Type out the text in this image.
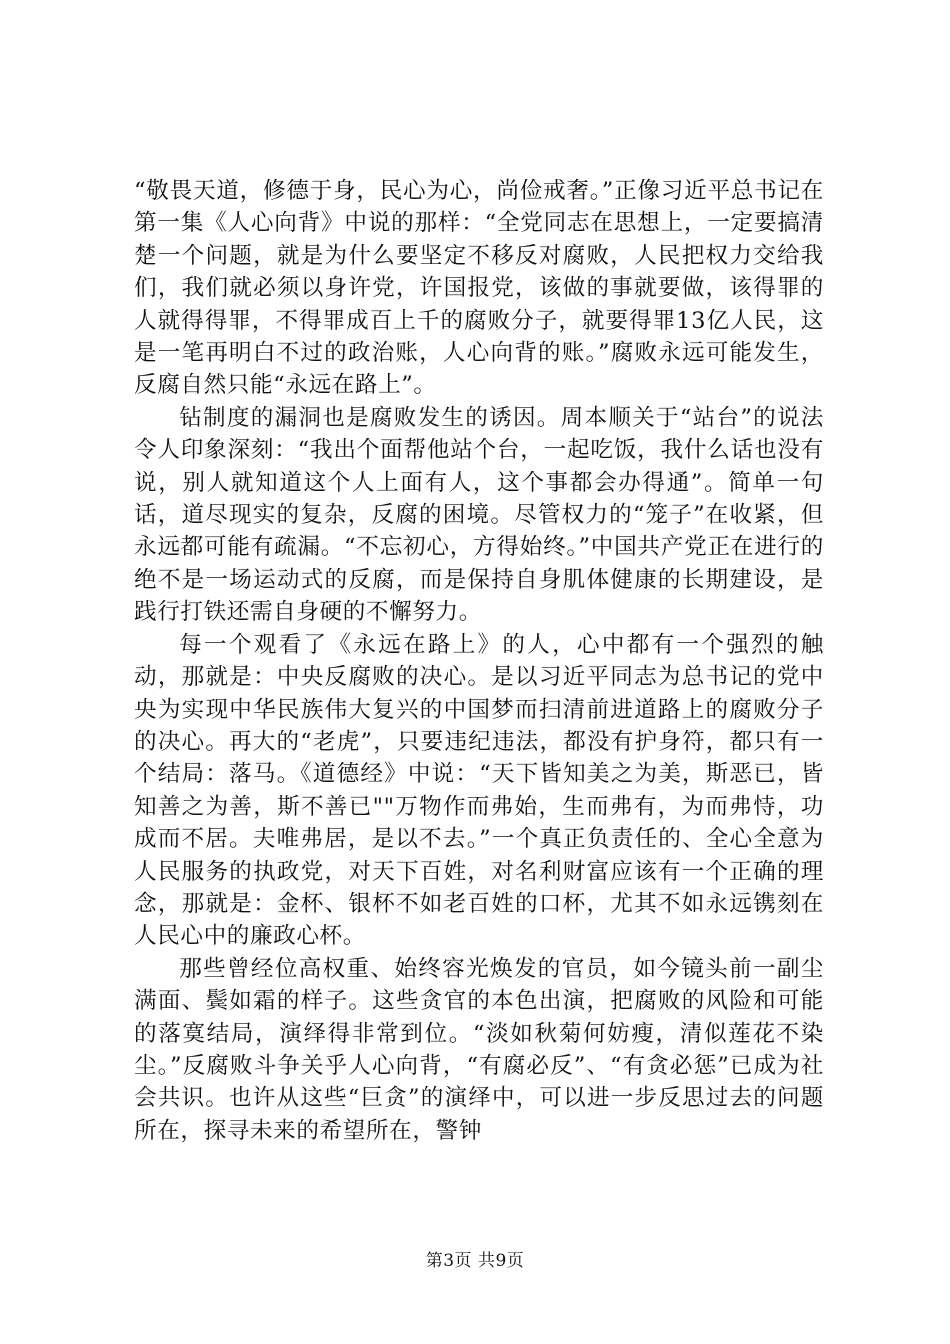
“敬畏天道，修德于身，民心为心，尚俭戒奢。”正像习近平总书记在第一集《人心向背》中说的那样：“全党同志在思想上，一定要搞清楚一个问题，就是为什么要坚定不移反对腐败，人民把权力交给我们，我们就必须以身许党，许国报党，该做的事就要做，该得罪的人就得得罪，不得罪成百上千的腐败分子，就要得罪13亿人民，这是一笔再明白不过的政治账，人心向背的账。”腐败永远可能发生，反腐自然只能“永远在路上”。

钻制度的漏洞也是腐败发生的诱因。周本顺关于“站台”的说法令人印象深刻：“我出个面帮他站个台，一起吃饭，我什么话也没有说，别人就知道这个人上面有人，这个事都会办得通”。简单一句话，道尽现实的复杂，反腐的困境。尽管权力的“笼子”在收紧，但永远都可能有疏漏。“不忘初心，方得始终。”中国共产党正在进行的绝不是一场运动式的反腐，而是保持自身肌体健康的长期建设，是践行打铁还需自身硬的不懈努力。

每一个观看了《永远在路上》的人，心中都有一个强烈的触动，那就是：中央反腐败的决心。是以习近平同志为总书记的党中央为实现中华民族伟大复兴的中国梦而扫清前进道路上的腐败分子的决心。再大的“老虎”，只要违纪违法，都没有护身符，都只有一个结局：落马。《道德经》中说：“天下皆知美之为美，斯恶已，皆知善之为善，斯不善已""万物作而弗始，生而弗有，为而弗恃，功成而不居。夫唯弗居，是以不去。”一个真正负责任的、全心全意为人民服务的执政党，对天下百姓，对名利财富应该有一个正确的理念，那就是：金杯、银杯不如老百姓的口杯，尤其不如永远镌刻在人民心中的廉政心杯。

那些曾经位高权重、始终容光焕发的官员，如今镜头前一副尘满面、鬓如霜的样子。这些贪官的本色出演，把腐败的风险和可能的落寞结局，演绎得非常到位。“淡如秋菊何妨瘦，清似莲花不染尘。”反腐败斗争关乎人心向背，“有腐必反”、“有贪必惩”已成为社会共识。也许从这些“巨贪”的演绎中，可以进一步反思过去的问题所在，探寻未来的希望所在，警钟

第3页 共9页
